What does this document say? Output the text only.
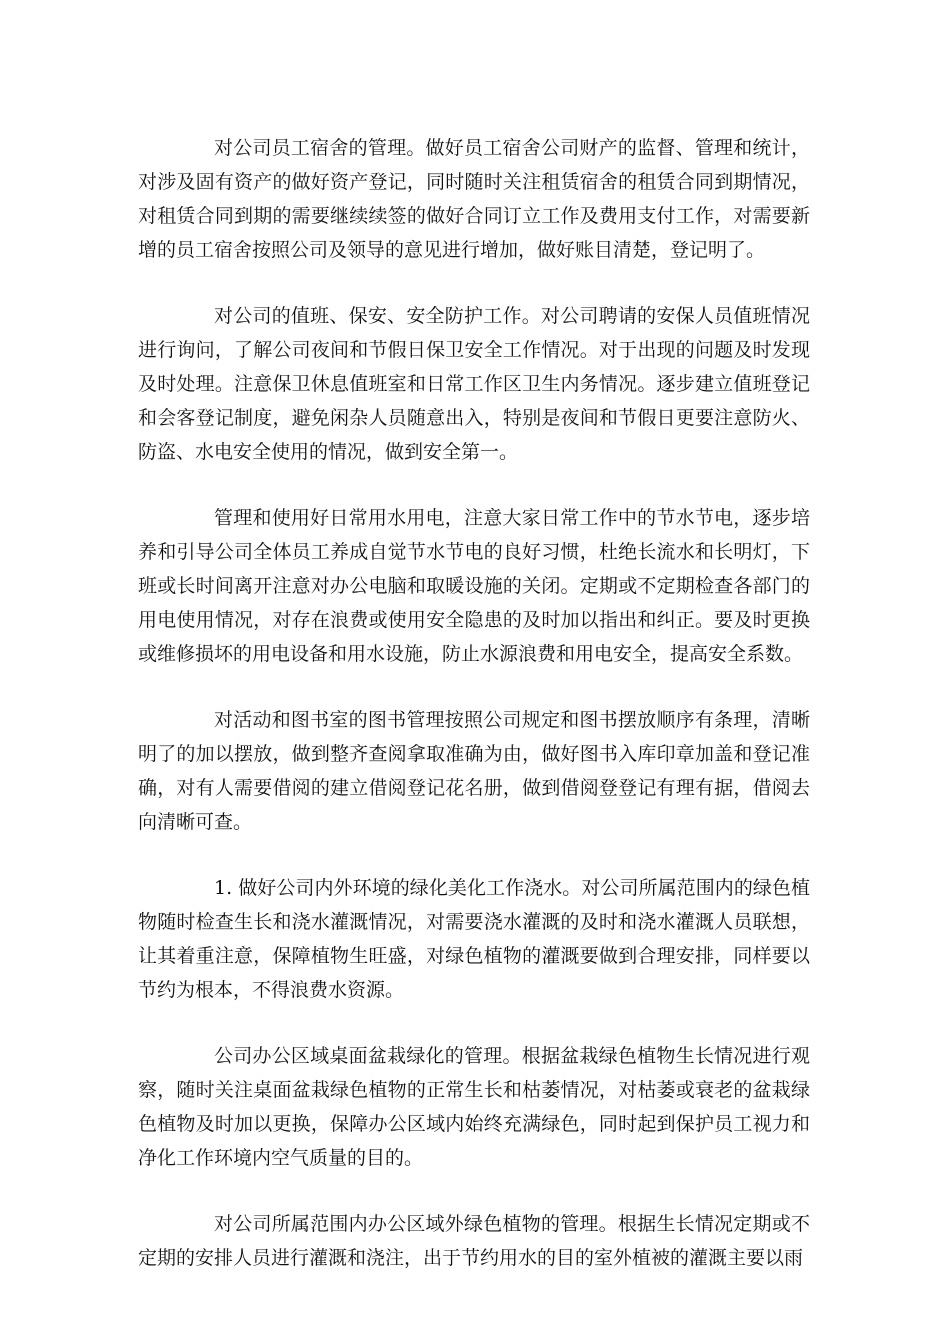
对公司员工宿舍的管理。做好员工宿舍公司财产的监督、管理和统计，对涉及固有资产的做好资产登记，同时随时关注租赁宿舍的租赁合同到期情况，对租赁合同到期的需要继续续签的做好合同订立工作及费用支付工作，对需要新增的员工宿舍按照公司及领导的意见进行增加，做好账目清楚，登记明了。

对公司的值班、保安、安全防护工作。对公司聘请的安保人员值班情况进行询问，了解公司夜间和节假日保卫安全工作情况。对于出现的问题及时发现及时处理。注意保卫休息值班室和日常工作区卫生内务情况。逐步建立值班登记和会客登记制度，避免闲杂人员随意出入，特别是夜间和节假日更要注意防火、防盗、水电安全使用的情况，做到安全第一。

管理和使用好日常用水用电，注意大家日常工作中的节水节电，逐步培养和引导公司全体员工养成自觉节水节电的良好习惯，杜绝长流水和长明灯，下班或长时间离开注意对办公电脑和取暖设施的关闭。定期或不定期检查各部门的用电使用情况，对存在浪费或使用安全隐患的及时加以指出和纠正。要及时更换或维修损坏的用电设备和用水设施，防止水源浪费和用电安全，提高安全系数。

对活动和图书室的图书管理按照公司规定和图书摆放顺序有条理，清晰明了的加以摆放，做到整齐查阅拿取准确为由，做好图书入库印章加盖和登记准确，对有人需要借阅的建立借阅登记花名册，做到借阅登登记有理有据，借阅去向清晰可查。

1. 做好公司内外环境的绿化美化工作浇水。对公司所属范围内的绿色植物随时检查生长和浇水灌溉情况，对需要浇水灌溉的及时和浇水灌溉人员联想，让其着重注意，保障植物生旺盛，对绿色植物的灌溉要做到合理安排，同样要以节约为根本，不得浪费水资源。

公司办公区域桌面盆栽绿化的管理。根据盆栽绿色植物生长情况进行观察，随时关注桌面盆栽绿色植物的正常生长和枯萎情况，对枯萎或衰老的盆栽绿色植物及时加以更换，保障办公区域内始终充满绿色，同时起到保护员工视力和净化工作环境内空气质量的目的。

对公司所属范围内办公区域外绿色植物的管理。根据生长情况定期或不定期的安排人员进行灌溉和浇注，出于节约用水的目的室外植被的灌溉主要以雨
